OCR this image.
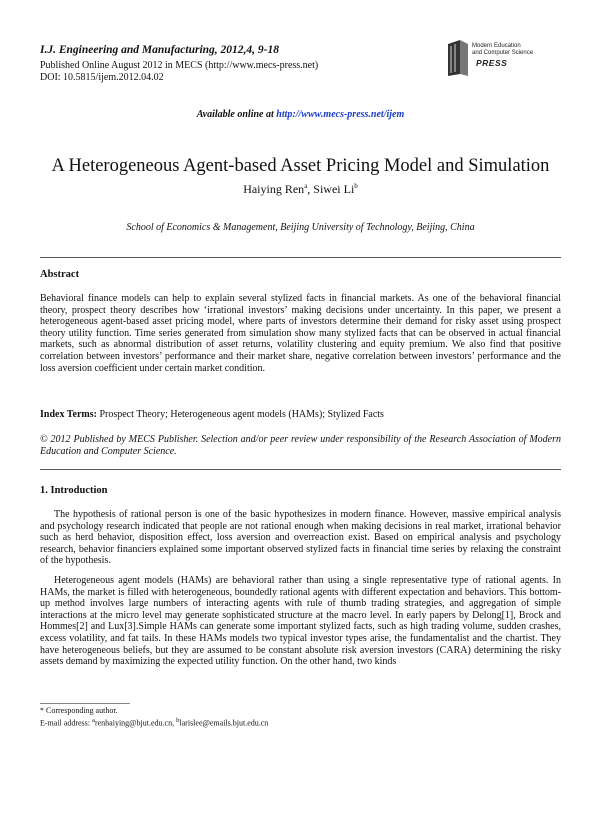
I.J. Engineering and Manufacturing, 2012,4, 9-18
Published Online August 2012 in MECS (http://www.mecs-press.net)
DOI: 10.5815/ijem.2012.04.02
Modern Education
and Computer Science
PRESS
Available online at http://www.mecs-press.net/ijem
A Heterogeneous Agent-based Asset Pricing Model and Simulation
Haiying Ren$^a$, Siwei Li$^b$
School of Economics & Management, Beijing University of Technology, Beijing, China
Abstract
Behavioral finance models can help to explain several stylized facts in financial markets. As one of the behavioral financial theory, prospect theory describes how ‘irrational investors’ making decisions under uncertainty. In this paper, we present a heterogeneous agent-based asset pricing model, where parts of investors determine their demand for risky asset using prospect theory utility function. Time series generated from simulation show many stylized facts that can be observed in actual financial markets, such as abnormal distribution of asset returns, volatility clustering and equity premium. We also find that positive correlation between investors’ performance and their market share, negative correlation between investors’ performance and the loss aversion coefficient under certain market condition.
Index Terms: Prospect Theory; Heterogeneous agent models (HAMs); Stylized Facts
© 2012 Published by MECS Publisher. Selection and/or peer review under responsibility of the Research Association of Modern Education and Computer Science.
1. Introduction
The hypothesis of rational person is one of the basic hypothesizes in modern finance. However, massive empirical analysis and psychology research indicated that people are not rational enough when making decisions in real market, irrational behavior such as herd behavior, disposition effect, loss aversion and overreaction exist. Based on empirical analysis and psychology research, behavior financiers explained some important observed stylized facts in financial time series by relaxing the constraint of the hypothesis.
Heterogeneous agent models (HAMs) are behavioral rather than using a single representative type of rational agents. In HAMs, the market is filled with heterogeneous, boundedly rational agents with different expectation and behaviors. This bottom-up method involves large numbers of interacting agents with rule of thumb trading strategies, and aggregation of simple interactions at the micro level may generate sophisticated structure at the macro level. In early papers by Delong[1], Brock and Hommes[2] and Lux[3].Simple HAMs can generate some important stylized facts, such as high trading volume, sudden crashes, excess volatility, and fat tails. In these HAMs models two typical investor types arise, the fundamentalist and the chartist. They have heterogeneous beliefs, but they are assumed to be constant absolute risk aversion investors (CARA) determining the risky assets demand by maximizing the expected utility function. On the other hand, two kinds
* Corresponding author.
E-mail address: $^a$renhaiying@bjut.edu.cn, $^b$larislee@emails.bjut.edu.cn
